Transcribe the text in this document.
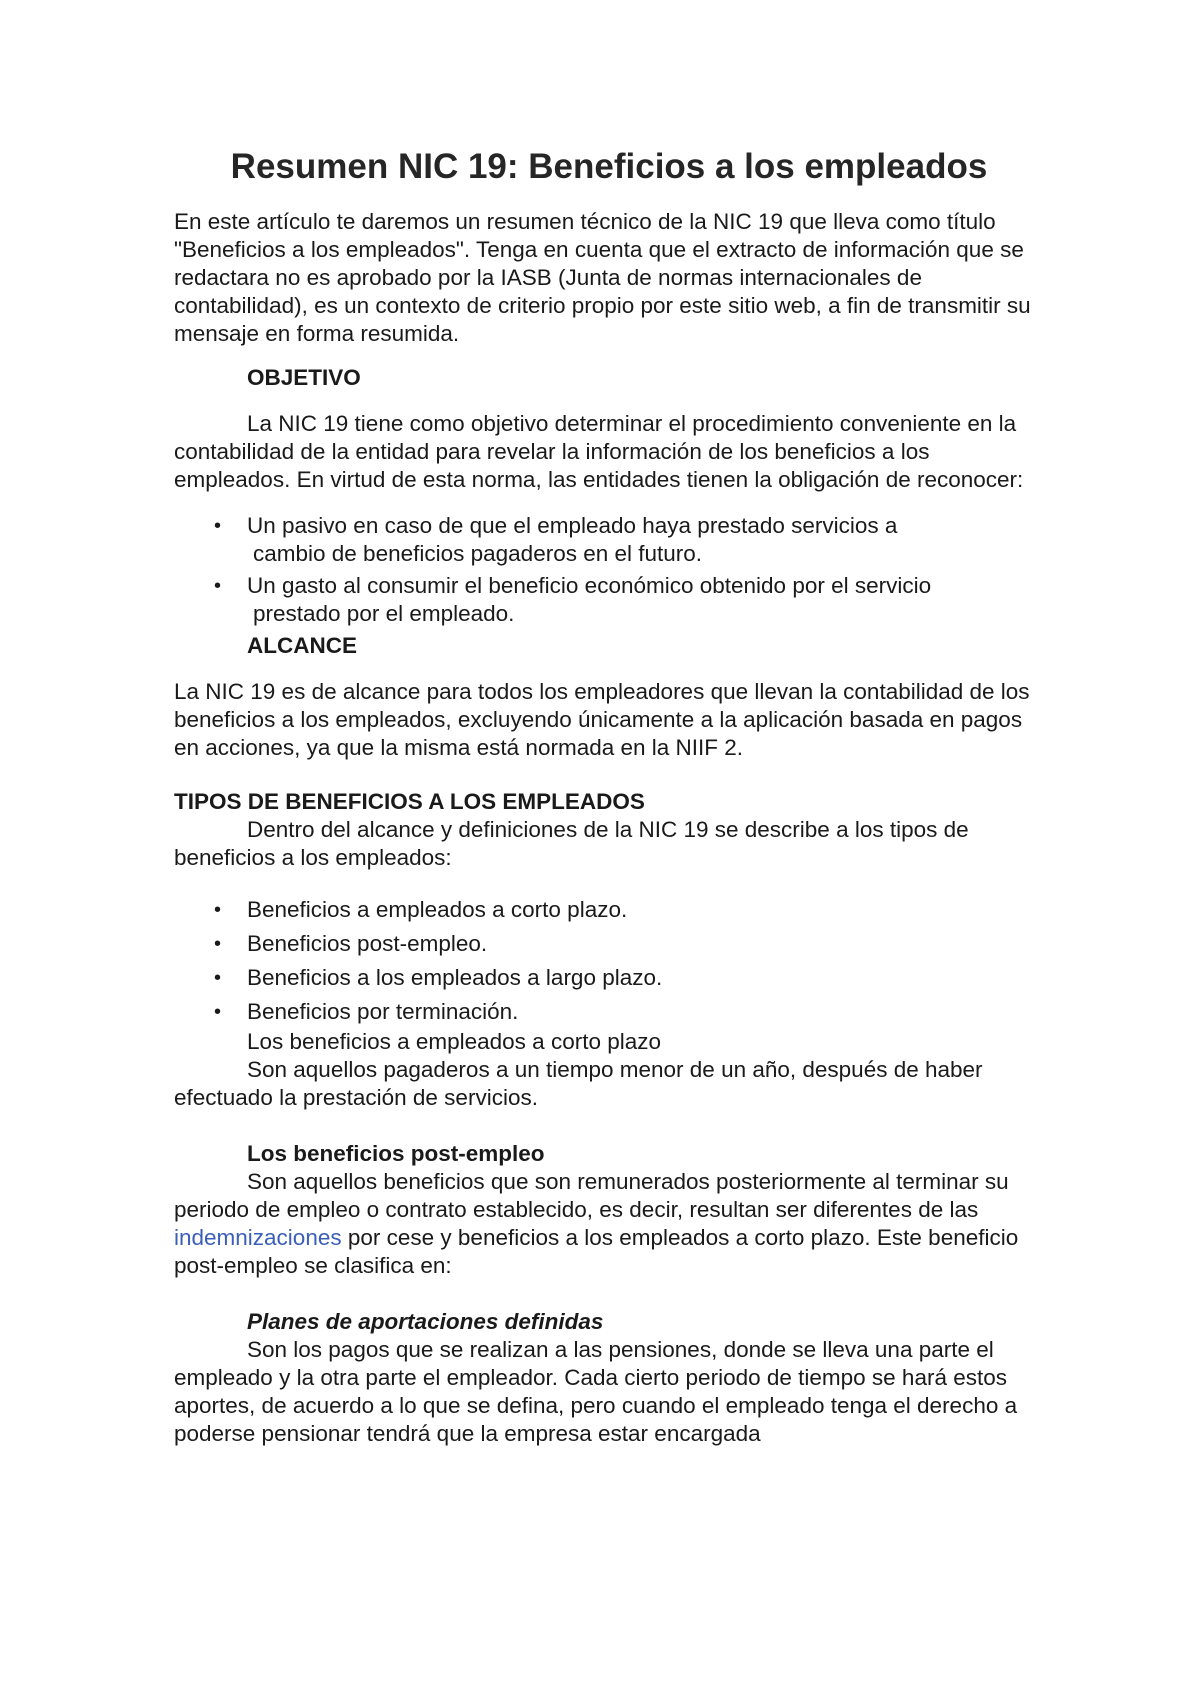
Resumen NIC 19: Beneficios a los empleados

En este artículo te daremos un resumen técnico de la NIC 19 que lleva como título "Beneficios a los empleados". Tenga en cuenta que el extracto de información que se redactara no es aprobado por la IASB (Junta de normas internacionales de contabilidad), es un contexto de criterio propio por este sitio web, a fin de transmitir su mensaje en forma resumida.

OBJETIVO

La NIC 19 tiene como objetivo determinar el procedimiento conveniente en la contabilidad de la entidad para revelar la información de los beneficios a los empleados. En virtud de esta norma, las entidades tienen la obligación de reconocer:

• Un pasivo en caso de que el empleado haya prestado servicios a
cambio de beneficios pagaderos en el futuro.
• Un gasto al consumir el beneficio económico obtenido por el servicio
prestado por el empleado.

ALCANCE

La NIC 19 es de alcance para todos los empleadores que llevan la contabilidad de los beneficios a los empleados, excluyendo únicamente a la aplicación basada en pagos en acciones, ya que la misma está normada en la NIIF 2.

TIPOS DE BENEFICIOS A LOS EMPLEADOS

Dentro del alcance y definiciones de la NIC 19 se describe a los tipos de beneficios a los empleados:

• Beneficios a empleados a corto plazo.
• Beneficios post-empleo.
• Beneficios a los empleados a largo plazo.
• Beneficios por terminación.

Los beneficios a empleados a corto plazo

Son aquellos pagaderos a un tiempo menor de un año, después de haber efectuado la prestación de servicios.

Los beneficios post-empleo

Son aquellos beneficios que son remunerados posteriormente al terminar su periodo de empleo o contrato establecido, es decir, resultan ser diferentes de las indemnizaciones por cese y beneficios a los empleados a corto plazo. Este beneficio post-empleo se clasifica en:

Planes de aportaciones definidas

Son los pagos que se realizan a las pensiones, donde se lleva una parte el empleado y la otra parte el empleador. Cada cierto periodo de tiempo se hará estos aportes, de acuerdo a lo que se defina, pero cuando el empleado tenga el derecho a poderse pensionar tendrá que la empresa estar encargada
